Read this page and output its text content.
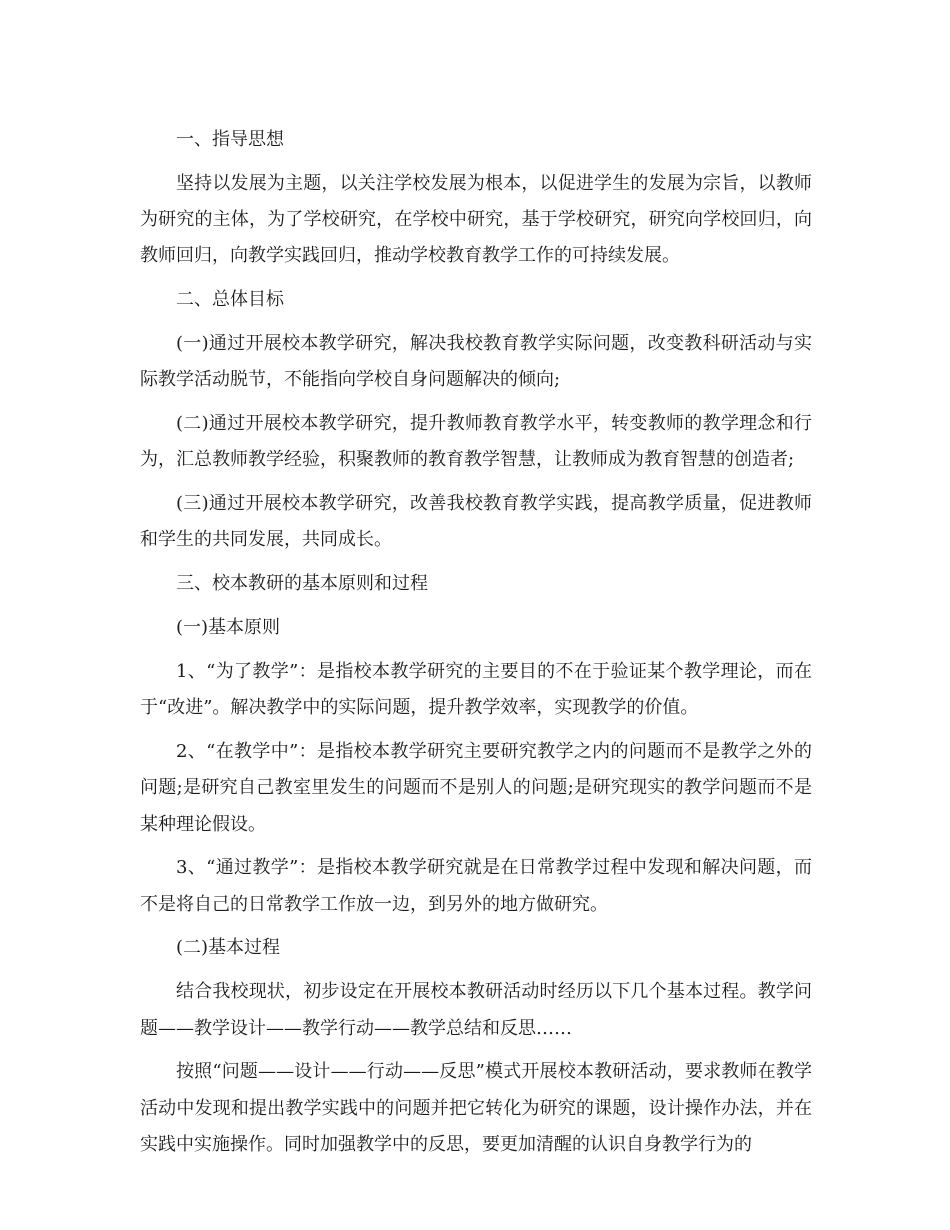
一、指导思想

坚持以发展为主题，以关注学校发展为根本，以促进学生的发展为宗旨，以教师为研究的主体，为了学校研究，在学校中研究，基于学校研究，研究向学校回归，向教师回归，向教学实践回归，推动学校教育教学工作的可持续发展。

二、总体目标

(一)通过开展校本教学研究，解决我校教育教学实际问题，改变教科研活动与实际教学活动脱节，不能指向学校自身问题解决的倾向;

(二)通过开展校本教学研究，提升教师教育教学水平，转变教师的教学理念和行为，汇总教师教学经验，积聚教师的教育教学智慧，让教师成为教育智慧的创造者;

(三)通过开展校本教学研究，改善我校教育教学实践，提高教学质量，促进教师和学生的共同发展，共同成长。

三、校本教研的基本原则和过程

(一)基本原则

1、“为了教学”：是指校本教学研究的主要目的不在于验证某个教学理论，而在于“改进”。解决教学中的实际问题，提升教学效率，实现教学的价值。

2、“在教学中”：是指校本教学研究主要研究教学之内的问题而不是教学之外的问题;是研究自己教室里发生的问题而不是别人的问题;是研究现实的教学问题而不是某种理论假设。

3、“通过教学”：是指校本教学研究就是在日常教学过程中发现和解决问题，而不是将自己的日常教学工作放一边，到另外的地方做研究。

(二)基本过程

结合我校现状，初步设定在开展校本教研活动时经历以下几个基本过程。教学问题——教学设计——教学行动——教学总结和反思……

按照“问题——设计——行动——反思”模式开展校本教研活动，要求教师在教学活动中发现和提出教学实践中的问题并把它转化为研究的课题，设计操作办法，并在实践中实施操作。同时加强教学中的反思，要更加清醒的认识自身教学行为的
